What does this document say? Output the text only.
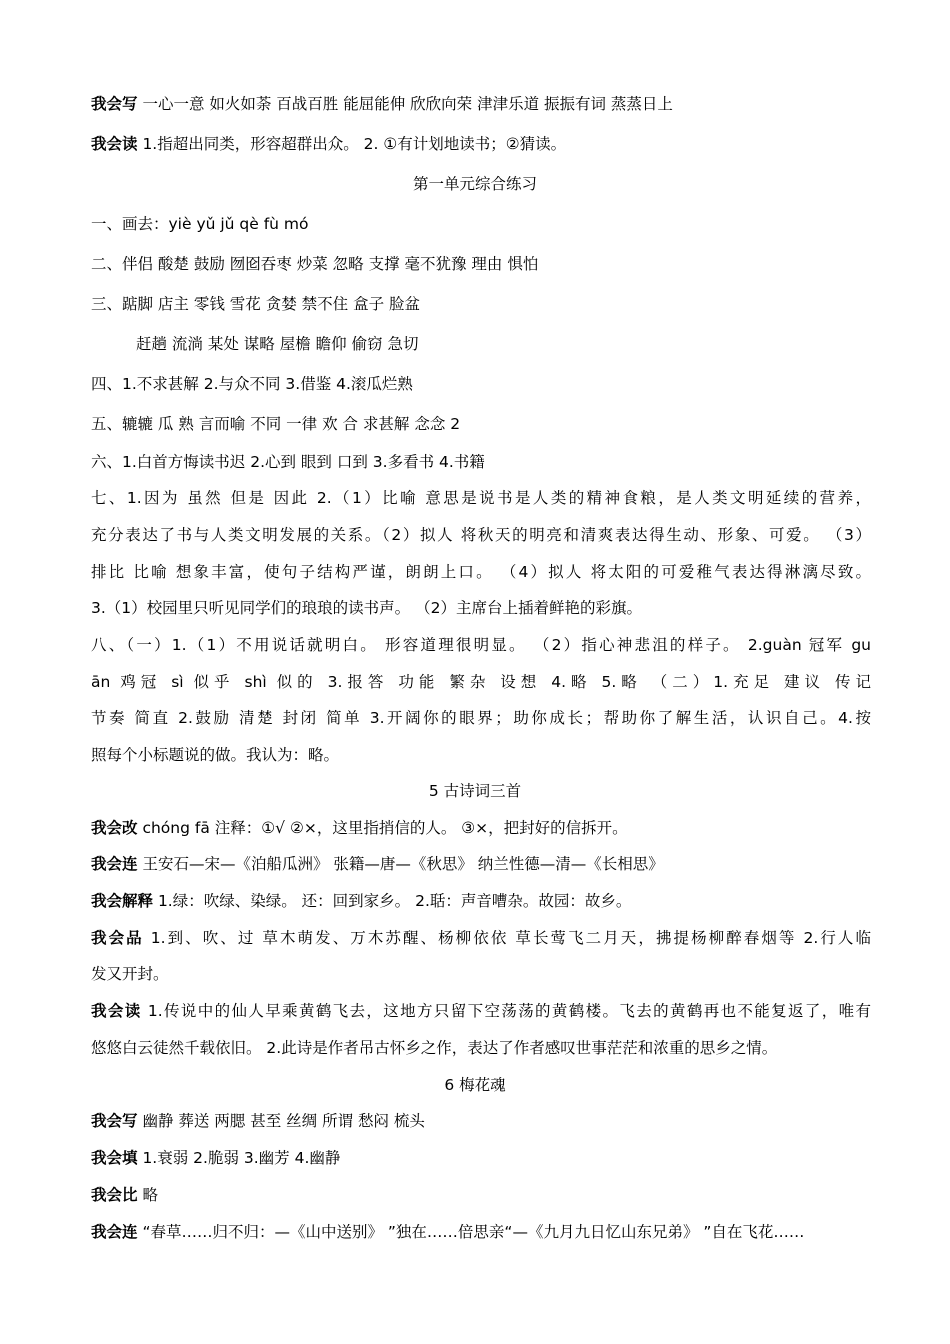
我会写 一心一意 如火如荼 百战百胜 能屈能伸 欣欣向荣 津津乐道 振振有词 蒸蒸日上
我会读 1.指超出同类，形容超群出众。 2. ①有计划地读书；②猜读。
第一单元综合练习
一、画去：yiè yǔ jǔ qè fù mó
二、伴侣 酸楚 鼓励 囫囵吞枣 炒菜 忽略 支撑 毫不犹豫 理由 惧怕
三、踮脚 店主 零钱 雪花 贪婪 禁不住 盒子 脸盆
赶趟 流淌 某处 谋略 屋檐 瞻仰 偷窃 急切
四、1.不求甚解 2.与众不同 3.借鉴 4.滚瓜烂熟
五、辘辘 瓜 熟 言而喻 不同 一律 欢 合 求甚解 念念 2
六、1.白首方悔读书迟 2.心到 眼到 口到 3.多看书 4.书籍
七、1.因为 虽然 但是 因此 2.（1）比喻 意思是说书是人类的精神食粮，是人类文明延续的营养，
充分表达了书与人类文明发展的关系。（2）拟人 将秋天的明亮和清爽表达得生动、形象、可爱。 （3）
排比 比喻 想象丰富，使句子结构严谨，朗朗上口。 （4）拟人 将太阳的可爱稚气表达得淋漓尽致。
3.（1）校园里只听见同学们的琅琅的读书声。 （2）主席台上插着鲜艳的彩旗。
八、（一）1.（1）不用说话就明白。 形容道理很明显。 （2）指心神悲沮的样子。 2.guàn 冠军 gu
ān 鸡冠 sì 似乎 shì 似的 3.报答 功能 繁杂 设想 4.略 5.略 （二）1.充足 建议 传记
节奏 简直 2.鼓励 清楚 封闭 简单 3.开阔你的眼界；助你成长；帮助你了解生活，认识自己。4.按
照每个小标题说的做。我认为：略。
5 古诗词三首
我会改 chóng fā 注释：①√ ②×，这里指捎信的人。 ③×，把封好的信拆开。
我会连 王安石—宋—《泊船瓜洲》 张籍—唐—《秋思》 纳兰性德—清—《长相思》
我会解释 1.绿：吹绿、染绿。 还：回到家乡。 2.聒：声音嘈杂。故园：故乡。
我会品 1.到、吹、过 草木萌发、万木苏醒、杨柳依依 草长莺飞二月天，拂提杨柳醉春烟等 2.行人临
发又开封。
我会读 1.传说中的仙人早乘黄鹤飞去，这地方只留下空荡荡的黄鹤楼。飞去的黄鹤再也不能复返了，唯有
悠悠白云徒然千载依旧。 2.此诗是作者吊古怀乡之作，表达了作者感叹世事茫茫和浓重的思乡之情。
6 梅花魂
我会写 幽静 葬送 两腮 甚至 丝绸 所谓 愁闷 梳头
我会填 1.衰弱 2.脆弱 3.幽芳 4.幽静
我会比 略
我会连 “春草……归不归：—《山中送别》 ”独在……倍思亲“—《九月九日忆山东兄弟》 ”自在飞花……
